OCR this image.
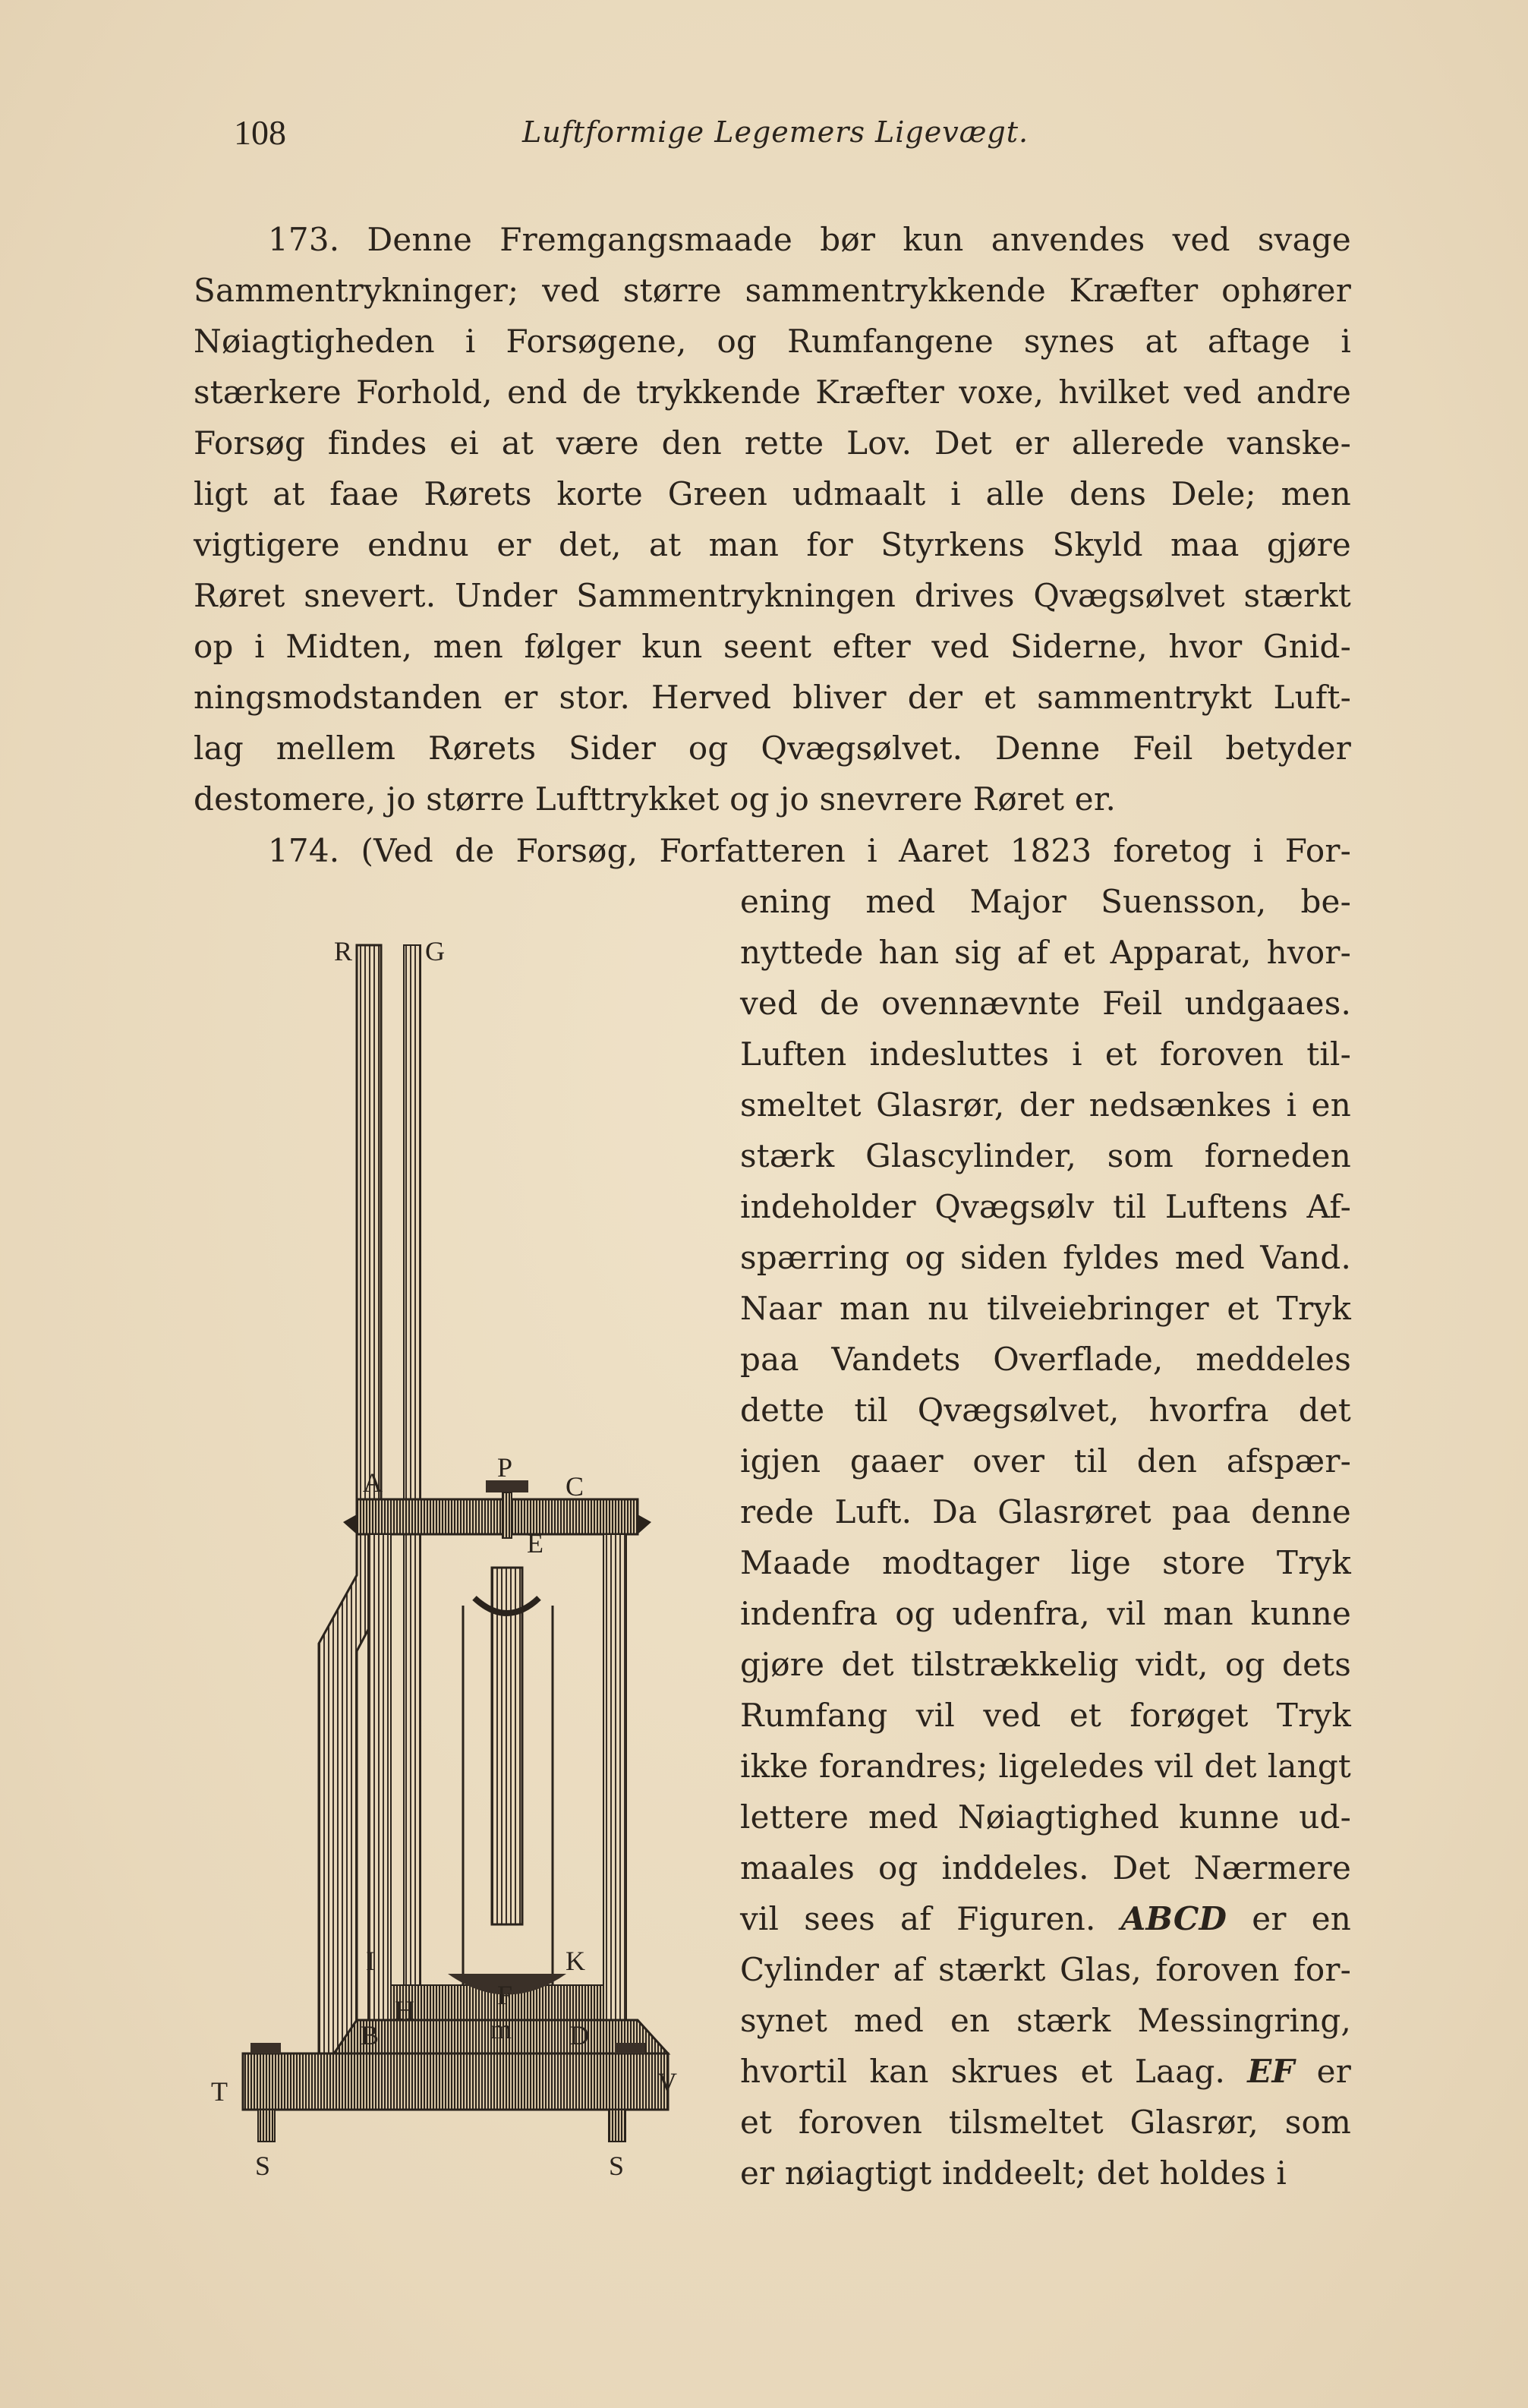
108	Luftformige Legemers Ligevægt.
173. Denne Fremgangsmaade bør kun anvendes ved svage
Sammentrykninger; ved større sammentrykkende Kræfter ophører
Nøiagtigheden i Forsøgene, og Rumfangene synes at aftage i
stærkere Forhold, end de trykkende Kræfter voxe, hvilket ved andre
Forsøg findes ei at være den rette Lov. Det er allerede vanske-
ligt at faae Rørets korte Green udmaalt i alle dens Dele; men
vigtigere endnu er det, at man for Styrkens Skyld maa gjøre
Røret snevert. Under Sammentrykningen drives Qvægsølvet stærkt
op i Midten, men følger kun seent efter ved Siderne, hvor Gnid-
ningsmodstanden er stor. Herved bliver der et sammentrykt Luft-
lag mellem Rørets Sider og Qvægsølvet. Denne Feil betyder
destomere, jo større Lufttrykket og jo snevrere Røret er.
174. (Ved de Forsøg, Forfatteren i Aaret 1823 foretog i For-
ening med Major Suensson, be-
nyttede han sig af et Apparat, hvor-
ved de ovennævnte Feil undgaaes.
Luften indesluttes i et foroven til-
smeltet Glasrør, der nedsænkes i en
stærk Glascylinder, som forneden
indeholder Qvægsølv til Luftens Af-
spærring og siden fyldes med Vand.
Naar man nu tilveiebringer et Tryk
paa Vandets Overflade, meddeles
dette til Qvægsølvet, hvorfra det
igjen gaaer over til den afspær-
rede Luft. Da Glasrøret paa denne
Maade modtager lige store Tryk
indenfra og udenfra, vil man kunne
gjøre det tilstrækkelig vidt, og dets
Rumfang vil ved et forøget Tryk
ikke forandres; ligeledes vil det langt
lettere med Nøiagtighed kunne ud-
maales og inddeles. Det Nærmere
vil sees af Figuren. ABCD er en
Cylinder af stærkt Glas, foroven for-
synet med en stærk Messingring,
hvortil kan skrues et Laag. EF er
et foroven tilsmeltet Glasrør, som
er nøiagtigt inddeelt; det holdes i
R	G
A	P
C
E
I	K
H	F
m
B	D
T	V
S	S
